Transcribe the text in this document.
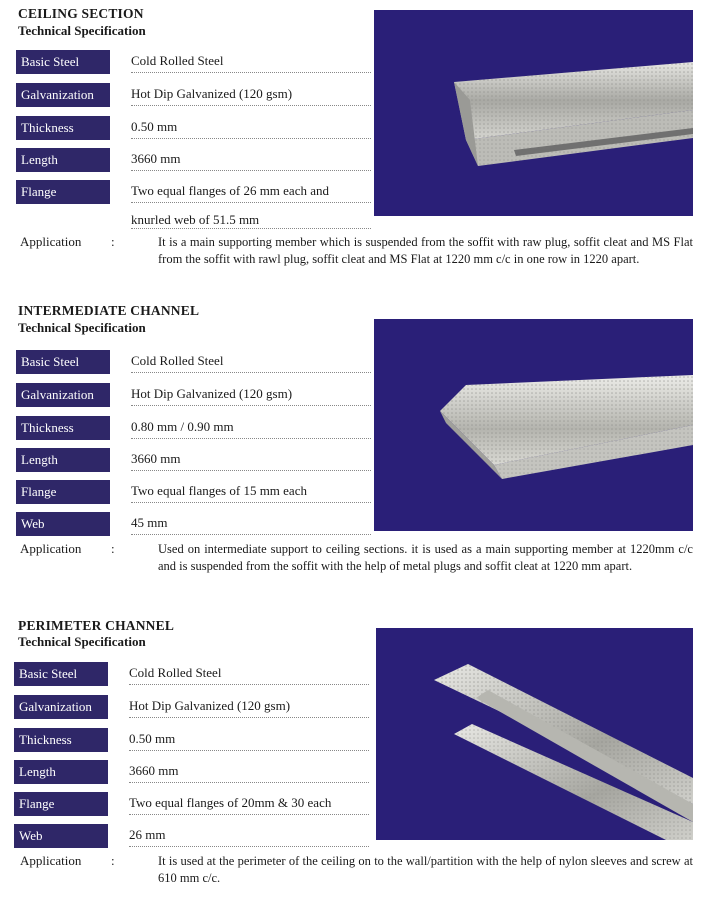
CEILING SECTION
Technical Specification
Basic Steel	Cold Rolled Steel
Galvanization	Hot Dip Galvanized (120 gsm)
Thickness	0.50 mm
Length	3660 mm
Flange	Two equal flanges of 26 mm each and
knurled web of 51.5 mm
Application :	It is a main supporting member which is suspended from the soffit with raw plug, soffit cleat and MS Flat from the soffit with rawl plug, soffit cleat and MS Flat at 1220 mm c/c in one row in 1220 apart.
INTERMEDIATE CHANNEL
Technical Specification
Basic Steel	Cold Rolled Steel
Galvanization	Hot Dip Galvanized (120 gsm)
Thickness	0.80 mm / 0.90 mm
Length	3660 mm
Flange	Two equal flanges of 15 mm each
Web	45 mm
Application :	Used on intermediate support to ceiling sections. it is used as a main supporting member at 1220mm c/c and is suspended from the soffit with the help of metal plugs and soffit cleat at 1220 mm apart.
PERIMETER CHANNEL
Technical Specification
Basic Steel	Cold Rolled Steel
Galvanization	Hot Dip Galvanized (120 gsm)
Thickness	0.50 mm
Length	3660 mm
Flange	Two equal flanges of 20mm & 30 each
Web	26 mm
Application :	It is used at the perimeter of the ceiling on to the wall/partition with the help of nylon sleeves and screw at 610 mm c/c.
